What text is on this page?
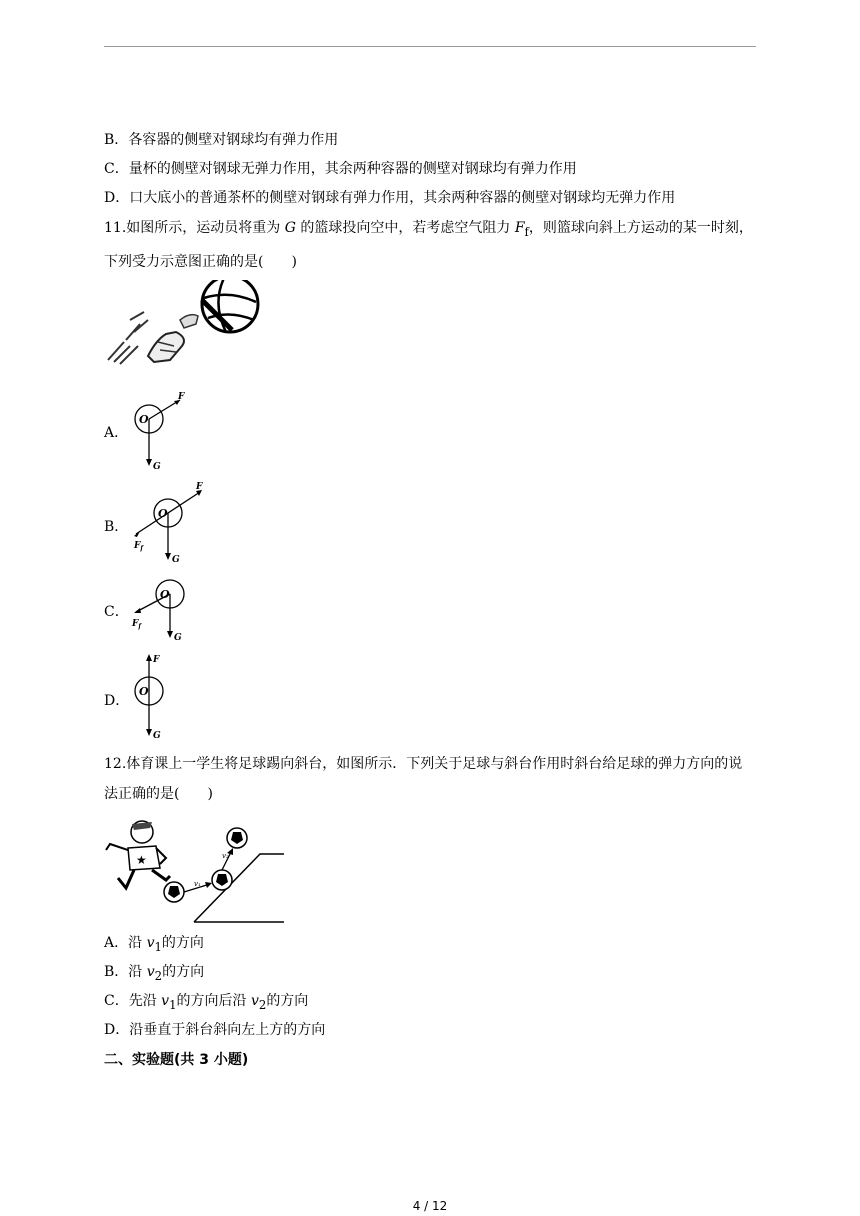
B．各容器的侧壁对钢球均有弹力作用
C．量杯的侧壁对钢球无弹力作用，其余两种容器的侧壁对钢球均有弹力作用
D．口大底小的普通茶杯的侧壁对钢球有弹力作用，其余两种容器的侧壁对钢球均无弹力作用
11.如图所示，运动员将重为 G 的篮球投向空中，若考虑空气阻力 $F_f$，则篮球向斜上方运动的某一时刻，下列受力示意图正确的是(　　)
A．
O
F
G
B．
O
F
$F_f$
G
C．
O
$F_f$
G
D．
O
F
G
12.体育课上一学生将足球踢向斜台，如图所示．下列关于足球与斜台作用时斜台给足球的弹力方向的说法正确的是(　　)
★
v₁
v₂
A．沿 $v_1$的方向
B．沿 $v_2$的方向
C．先沿 $v_1$的方向后沿 $v_2$的方向
D．沿垂直于斜台斜向左上方的方向
二、实验题(共 3 小题)
4 / 12
